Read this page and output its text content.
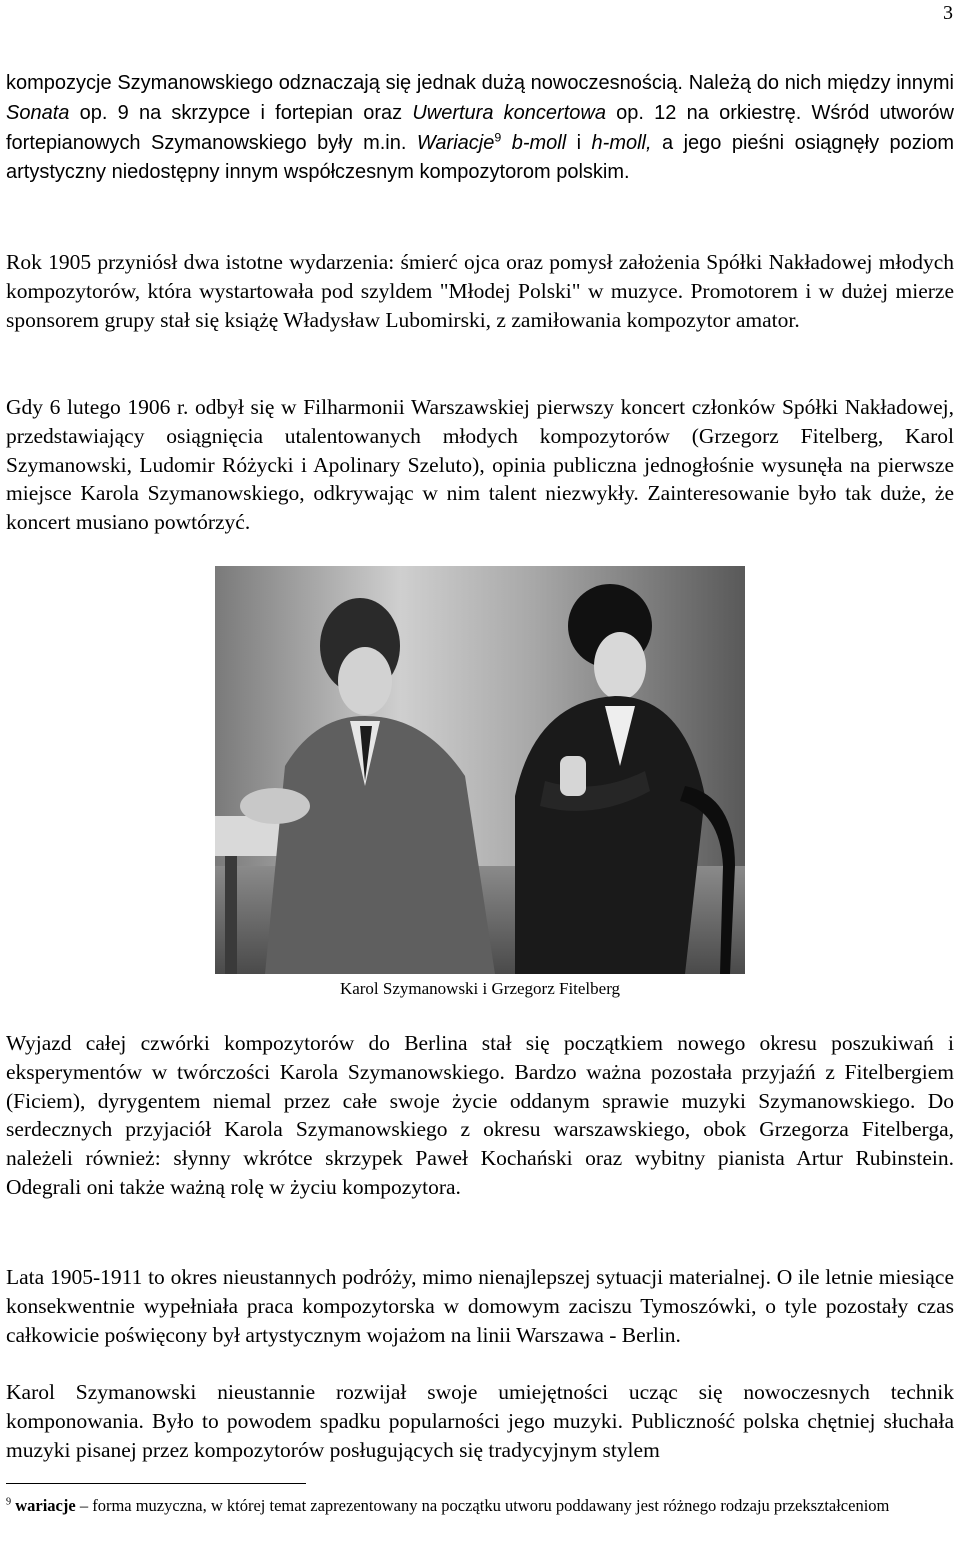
3

kompozycje Szymanowskiego odznaczają się jednak dużą nowoczesnością. Należą do nich między innymi Sonata op. 9 na skrzypce i fortepian oraz Uwertura koncertowa op. 12 na orkiestrę. Wśród utworów fortepianowych Szymanowskiego były m.in. Wariacje$^9$ b-moll i h-moll, a jego pieśni osiągnęły poziom artystyczny niedostępny innym współczesnym kompozytorom polskim.

Rok 1905 przyniósł dwa istotne wydarzenia: śmierć ojca oraz pomysł założenia Spółki Nakładowej młodych kompozytorów, która wystartowała pod szyldem "Młodej Polski" w muzyce. Promotorem i w dużej mierze sponsorem grupy stał się książę Władysław Lubomirski, z zamiłowania kompozytor amator.

Gdy 6 lutego 1906 r. odbył się w Filharmonii Warszawskiej pierwszy koncert członków Spółki Nakładowej, przedstawiający osiągnięcia utalentowanych młodych kompozytorów (Grzegorz Fitelberg, Karol Szymanowski, Ludomir Różycki i Apolinary Szeluto), opinia publiczna jednogłośnie wysunęła na pierwsze miejsce Karola Szymanowskiego, odkrywając w nim talent niezwykły. Zainteresowanie było tak duże, że koncert musiano powtórzyć.

Karol Szymanowski i Grzegorz Fitelberg

Wyjazd całej czwórki kompozytorów do Berlina stał się początkiem nowego okresu poszukiwań i eksperymentów w twórczości Karola Szymanowskiego. Bardzo ważna pozostała przyjaźń z Fitelbergiem (Ficiem), dyrygentem niemal przez całe swoje życie oddanym sprawie muzyki Szymanowskiego. Do serdecznych przyjaciół Karola Szymanowskiego z okresu warszawskiego, obok Grzegorza Fitelberga, należeli również: słynny wkrótce skrzypek Paweł Kochański oraz wybitny pianista Artur Rubinstein. Odegrali oni także ważną rolę w życiu kompozytora.

Lata 1905-1911 to okres nieustannych podróży, mimo nienajlepszej sytuacji materialnej. O ile letnie miesiące konsekwentnie wypełniała praca kompozytorska w domowym zaciszu Tymoszówki, o tyle pozostały czas całkowicie poświęcony był artystycznym wojażom na linii Warszawa - Berlin.

Karol Szymanowski nieustannie rozwijał swoje umiejętności ucząc się nowoczesnych technik komponowania. Było to powodem spadku popularności jego muzyki. Publiczność polska chętniej słuchała muzyki pisanej przez kompozytorów posługujących się tradycyjnym stylem

$^9$ wariacje – forma muzyczna, w której temat zaprezentowany na początku utworu poddawany jest różnego rodzaju przekształceniom
